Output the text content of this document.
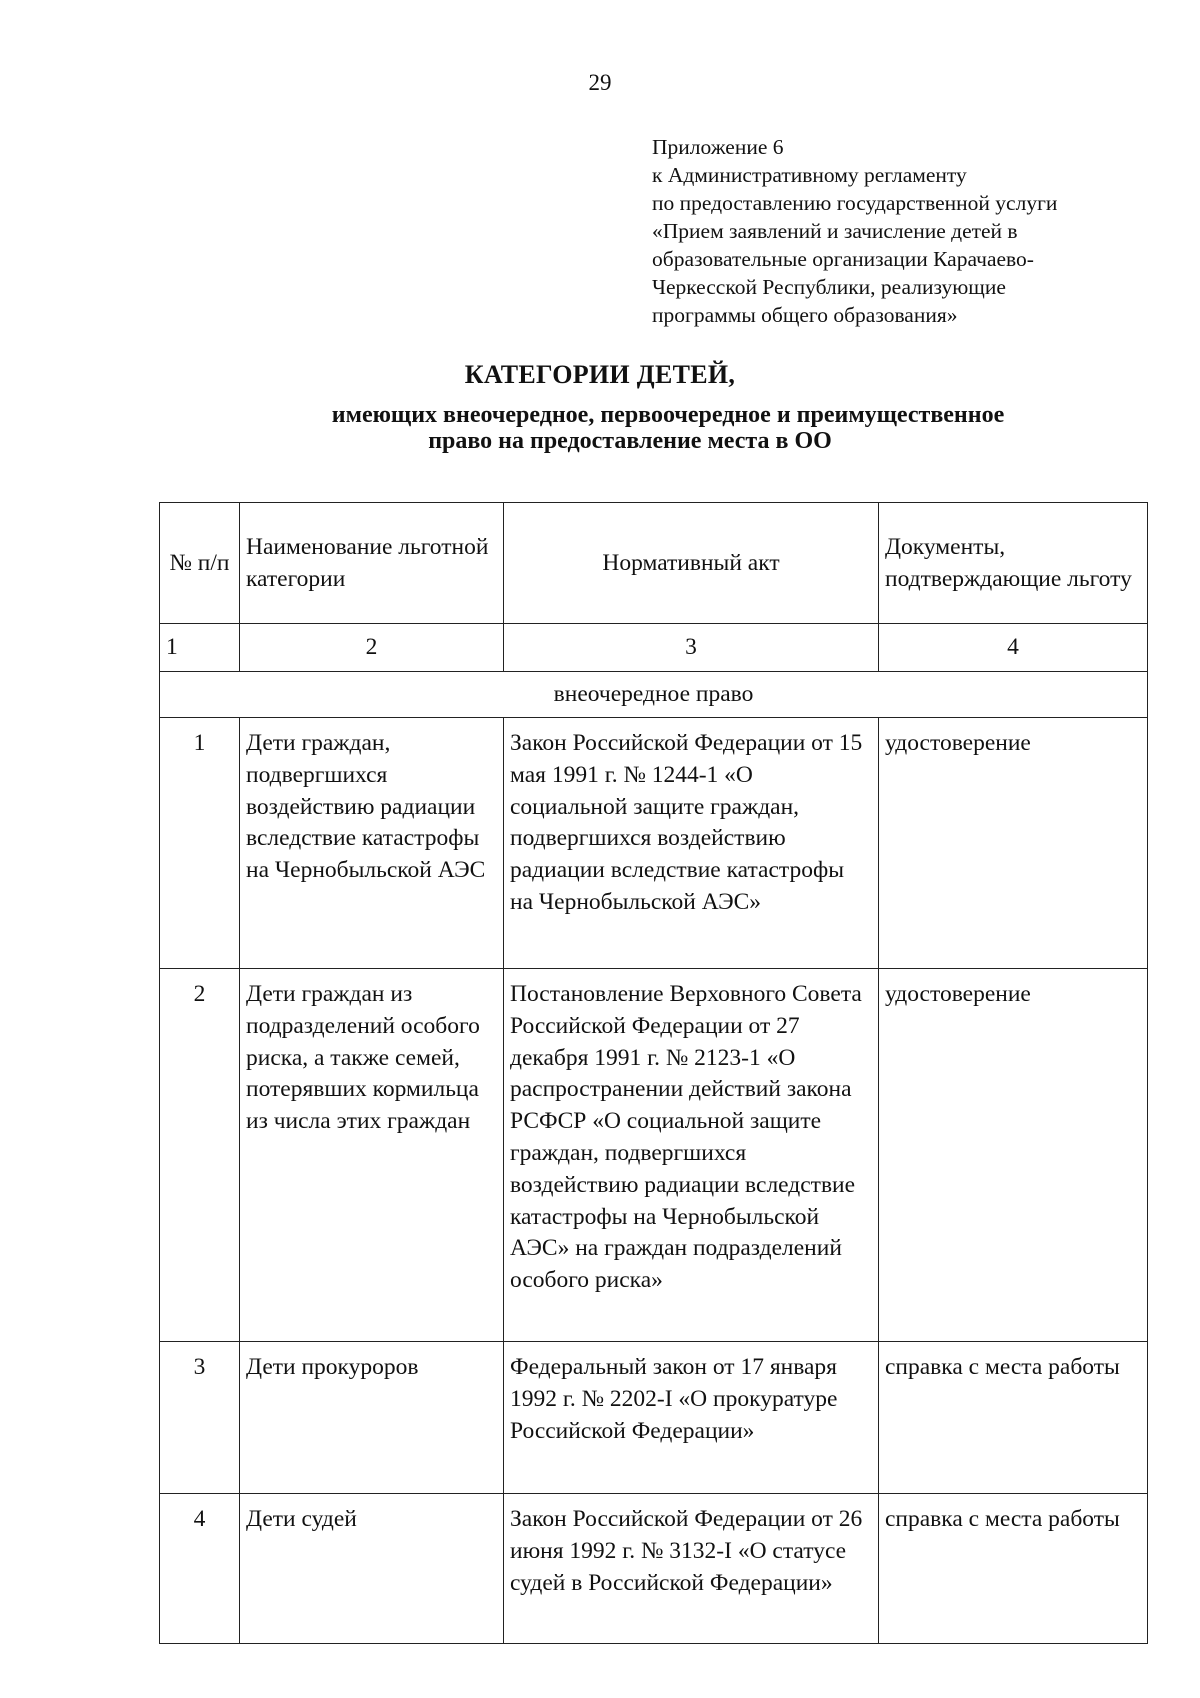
29
Приложение 6
к Административному регламенту
по предоставлению государственной услуги
«Прием заявлений и зачисление детей в
образовательные организации Карачаево-
Черкесской Республики, реализующие
программы общего образования»
КАТЕГОРИИ ДЕТЕЙ,
имеющих внеочередное, первоочередное и преимущественное
право на предоставление места в ОО
№ п/п	Наименование льготной категории	Нормативный акт	Документы, подтверждающие льготу
1	2	3	4
внеочередное право			
1	Дети граждан, подвергшихся воздействию радиации вследствие катастрофы на Чернобыльской АЭС	Закон Российской Федерации от 15 мая 1991 г. № 1244-1 «О социальной защите граждан, подвергшихся воздействию радиации вследствие катастрофы на Чернобыльской АЭС»	удостоверение
2	Дети граждан из подразделений особого риска, а также семей, потерявших кормильца из числа этих граждан	Постановление Верховного Совета Российской Федерации от 27 декабря 1991 г. № 2123-1 «О распространении действий закона РСФСР «О социальной защите граждан, подвергшихся воздействию радиации вследствие катастрофы на Чернобыльской АЭС» на граждан подразделений особого риска»	удостоверение
3	Дети прокуроров	Федеральный закон от 17 января 1992 г. № 2202-I «О прокуратуре Российской Федерации»	справка с места работы
4	Дети судей	Закон Российской Федерации от 26 июня 1992 г. № 3132-I «О статусе судей в Российской Федерации»	справка с места работы
